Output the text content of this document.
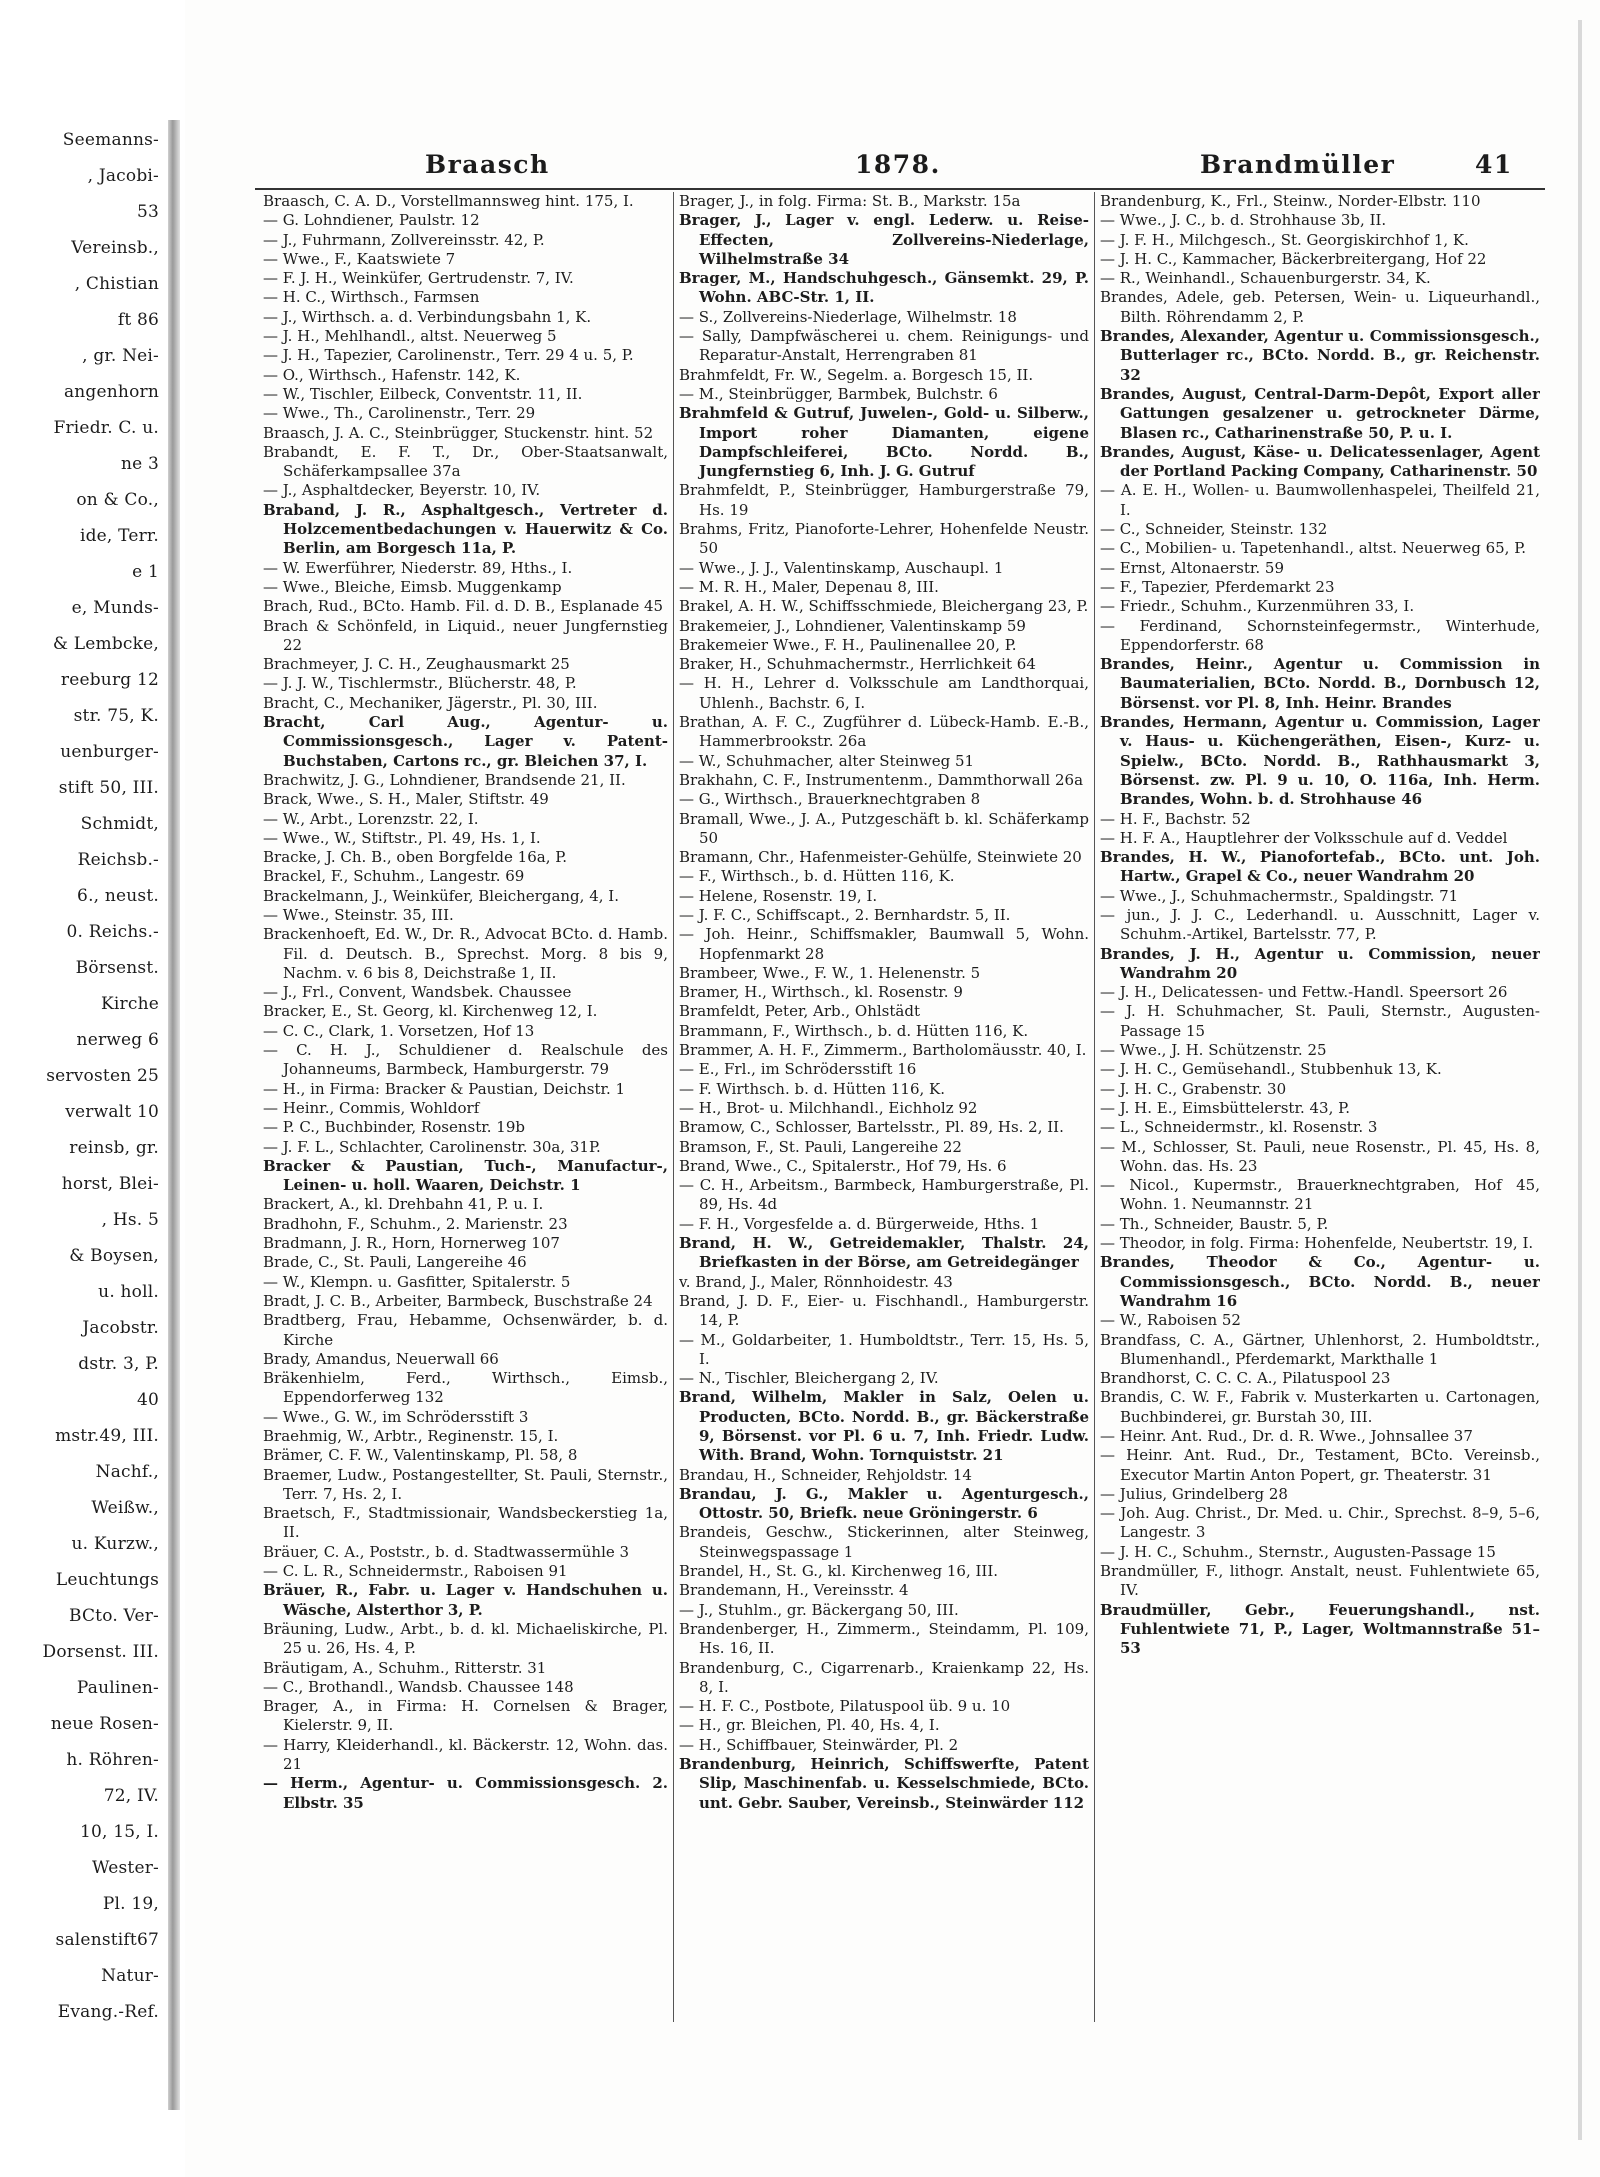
Seemanns-
, Jacobi-
53
Vereinsb.,
, Chistian
ft 86
, gr. Nei-
angenhorn
Friedr. C. u.
ne 3
on & Co.,
ide, Terr.
e 1
e, Munds-
& Lembcke,
reeburg 12
str. 75, K.
uenburger-
stift 50, III.
Schmidt,
Reichsb.-
6., neust.
0. Reichs.-
Börsenst.
Kirche
nerweg 6
servosten 25
verwalt 10
reinsb, gr.
horst, Blei-
, Hs. 5
& Boysen,
u. holl.
Jacobstr.
dstr. 3, P.
40
mstr.49, III.
Nachf.,
Weißw.,
u. Kurzw.,
Leuchtungs
BCto. Ver-
Dorsenst. III.
Paulinen-
neue Rosen-
h. Röhren-
72, IV.
10, 15, I.
Wester-
Pl. 19,
salenstift67
Natur-
Evang.-Ref.
Braasch	1878.	Brandmüller	41

Braasch, C. A. D., Vorstellmannsweg hint. 175, I.

— G. Lohndiener, Paulstr. 12

— J., Fuhrmann, Zollvereinsstr. 42, P.

— Wwe., F., Kaatswiete 7

— F. J. H., Weinküfer, Gertrudenstr. 7, IV.

— H. C., Wirthsch., Farmsen

— J., Wirthsch. a. d. Verbindungsbahn 1, K.

— J. H., Mehlhandl., altst. Neuerweg 5

— J. H., Tapezier, Carolinenstr., Terr. 29 4 u. 5, P.

— O., Wirthsch., Hafenstr. 142, K.

— W., Tischler, Eilbeck, Conventstr. 11, II.

— Wwe., Th., Carolinenstr., Terr. 29

Braasch, J. A. C., Steinbrügger, Stuckenstr. hint. 52

Brabandt, E. F. T., Dr., Ober-Staatsanwalt, Schäferkampsallee 37a

— J., Asphaltdecker, Beyerstr. 10, IV.

Braband, J. R., Asphaltgesch., Vertreter d. Holzcementbedachungen v. Hauerwitz & Co. Berlin, am Borgesch 11a, P.

— W. Ewerführer, Niederstr. 89, Hths., I.

— Wwe., Bleiche, Eimsb. Muggenkamp

Brach, Rud., BCto. Hamb. Fil. d. D. B., Esplanade 45

Brach & Schönfeld, in Liquid., neuer Jungfernstieg 22

Brachmeyer, J. C. H., Zeughausmarkt 25

— J. J. W., Tischlermstr., Blücherstr. 48, P.

Bracht, C., Mechaniker, Jägerstr., Pl. 30, III.

Bracht, Carl Aug., Agentur- u. Commissionsgesch., Lager v. Patent-Buchstaben, Cartons rc., gr. Bleichen 37, I.

Brachwitz, J. G., Lohndiener, Brandsende 21, II.

Brack, Wwe., S. H., Maler, Stiftstr. 49

— W., Arbt., Lorenzstr. 22, I.

— Wwe., W., Stiftstr., Pl. 49, Hs. 1, I.

Bracke, J. Ch. B., oben Borgfelde 16a, P.

Brackel, F., Schuhm., Langestr. 69

Brackelmann, J., Weinküfer, Bleichergang, 4, I.

— Wwe., Steinstr. 35, III.

Brackenhoeft, Ed. W., Dr. R., Advocat BCto. d. Hamb. Fil. d. Deutsch. B., Sprechst. Morg. 8 bis 9, Nachm. v. 6 bis 8, Deichstraße 1, II.

— J., Frl., Convent, Wandsbek. Chaussee

Bracker, E., St. Georg, kl. Kirchenweg 12, I.

— C. C., Clark, 1. Vorsetzen, Hof 13

— C. H. J., Schuldiener d. Realschule des Johanneums, Barmbeck, Hamburgerstr. 79

— H., in Firma: Bracker & Paustian, Deichstr. 1

— Heinr., Commis, Wohldorf

— P. C., Buchbinder, Rosenstr. 19b

— J. F. L., Schlachter, Carolinenstr. 30a, 31P.

Bracker & Paustian, Tuch-, Manufactur-, Leinen- u. holl. Waaren, Deichstr. 1

Brackert, A., kl. Drehbahn 41, P. u. I.

Bradhohn, F., Schuhm., 2. Marienstr. 23

Bradmann, J. R., Horn, Hornerweg 107

Brade, C., St. Pauli, Langereihe 46

— W., Klempn. u. Gasfitter, Spitalerstr. 5

Bradt, J. C. B., Arbeiter, Barmbeck, Buschstraße 24

Bradtberg, Frau, Hebamme, Ochsenwärder, b. d. Kirche

Brady, Amandus, Neuerwall 66

Bräkenhielm, Ferd., Wirthsch., Eimsb., Eppendorferweg 132

— Wwe., G. W., im Schrödersstift 3

Braehmig, W., Arbtr., Reginenstr. 15, I.

Brämer, C. F. W., Valentinskamp, Pl. 58, 8

Braemer, Ludw., Postangestellter, St. Pauli, Sternstr., Terr. 7, Hs. 2, I.

Braetsch, F., Stadtmissionair, Wandsbeckerstieg 1a, II.

Bräuer, C. A., Poststr., b. d. Stadtwassermühle 3

— C. L. R., Schneidermstr., Raboisen 91

Bräuer, R., Fabr. u. Lager v. Handschuhen u. Wäsche, Alsterthor 3, P.

Bräuning, Ludw., Arbt., b. d. kl. Michaeliskirche, Pl. 25 u. 26, Hs. 4, P.

Bräutigam, A., Schuhm., Ritterstr. 31

— C., Brothandl., Wandsb. Chaussee 148

Brager, A., in Firma: H. Cornelsen & Brager, Kielerstr. 9, II.

— Harry, Kleiderhandl., kl. Bäckerstr. 12, Wohn. das. 21

— Herm., Agentur- u. Commissionsgesch. 2. Elbstr. 35

Brager, J., in folg. Firma: St. B., Markstr. 15a

Brager, J., Lager v. engl. Lederw. u. Reise-Effecten, Zollvereins-Niederlage, Wilhelmstraße 34

Brager, M., Handschuhgesch., Gänsemkt. 29, P. Wohn. ABC-Str. 1, II.

— S., Zollvereins-Niederlage, Wilhelmstr. 18

— Sally, Dampfwäscherei u. chem. Reinigungs- und Reparatur-Anstalt, Herrengraben 81

Brahmfeldt, Fr. W., Segelm. a. Borgesch 15, II.

— M., Steinbrügger, Barmbek, Bulchstr. 6

Brahmfeld & Gutruf, Juwelen-, Gold- u. Silberw., Import roher Diamanten, eigene Dampfschleiferei, BCto. Nordd. B., Jungfernstieg 6, Inh. J. G. Gutruf

Brahmfeldt, P., Steinbrügger, Hamburgerstraße 79, Hs. 19

Brahms, Fritz, Pianoforte-Lehrer, Hohenfelde Neustr. 50

— Wwe., J. J., Valentinskamp, Auschaupl. 1

— M. R. H., Maler, Depenau 8, III.

Brakel, A. H. W., Schiffsschmiede, Bleichergang 23, P.

Brakemeier, J., Lohndiener, Valentinskamp 59

Brakemeier Wwe., F. H., Paulinenallee 20, P.

Braker, H., Schuhmachermstr., Herrlichkeit 64

— H. H., Lehrer d. Volksschule am Landthorquai, Uhlenh., Bachstr. 6, I.

Brathan, A. F. C., Zugführer d. Lübeck-Hamb. E.-B., Hammerbrookstr. 26a

— W., Schuhmacher, alter Steinweg 51

Brakhahn, C. F., Instrumentenm., Dammthorwall 26a

— G., Wirthsch., Brauerknechtgraben 8

Bramall, Wwe., J. A., Putzgeschäft b. kl. Schäferkamp 50

Bramann, Chr., Hafenmeister-Gehülfe, Steinwiete 20

— F., Wirthsch., b. d. Hütten 116, K.

— Helene, Rosenstr. 19, I.

— J. F. C., Schiffscapt., 2. Bernhardstr. 5, II.

— Joh. Heinr., Schiffsmakler, Baumwall 5, Wohn. Hopfenmarkt 28

Brambeer, Wwe., F. W., 1. Helenenstr. 5

Bramer, H., Wirthsch., kl. Rosenstr. 9

Bramfeldt, Peter, Arb., Ohlstädt

Brammann, F., Wirthsch., b. d. Hütten 116, K.

Brammer, A. H. F., Zimmerm., Bartholomäusstr. 40, I.

— E., Frl., im Schrödersstift 16

— F. Wirthsch. b. d. Hütten 116, K.

— H., Brot- u. Milchhandl., Eichholz 92

Bramow, C., Schlosser, Bartelsstr., Pl. 89, Hs. 2, II.

Bramson, F., St. Pauli, Langereihe 22

Brand, Wwe., C., Spitalerstr., Hof 79, Hs. 6

— C. H., Arbeitsm., Barmbeck, Hamburgerstraße, Pl. 89, Hs. 4d

— F. H., Vorgesfelde a. d. Bürgerweide, Hths. 1

Brand, H. W., Getreidemakler, Thalstr. 24, Briefkasten in der Börse, am Getreidegänger

v. Brand, J., Maler, Rönnhoidestr. 43

Brand, J. D. F., Eier- u. Fischhandl., Hamburgerstr. 14, P.

— M., Goldarbeiter, 1. Humboldtstr., Terr. 15, Hs. 5, I.

— N., Tischler, Bleichergang 2, IV.

Brand, Wilhelm, Makler in Salz, Oelen u. Producten, BCto. Nordd. B., gr. Bäckerstraße 9, Börsenst. vor Pl. 6 u. 7, Inh. Friedr. Ludw. With. Brand, Wohn. Tornquiststr. 21

Brandau, H., Schneider, Rehjoldstr. 14

Brandau, J. G., Makler u. Agenturgesch., Ottostr. 50, Briefk. neue Gröningerstr. 6

Brandeis, Geschw., Stickerinnen, alter Steinweg, Steinwegspassage 1

Brandel, H., St. G., kl. Kirchenweg 16, III.

Brandemann, H., Vereinsstr. 4

— J., Stuhlm., gr. Bäckergang 50, III.

Brandenberger, H., Zimmerm., Steindamm, Pl. 109, Hs. 16, II.

Brandenburg, C., Cigarrenarb., Kraienkamp 22, Hs. 8, I.

— H. F. C., Postbote, Pilatuspool üb. 9 u. 10

— H., gr. Bleichen, Pl. 40, Hs. 4, I.

— H., Schiffbauer, Steinwärder, Pl. 2

Brandenburg, Heinrich, Schiffswerfte, Patent Slip, Maschinenfab. u. Kesselschmiede, BCto. unt. Gebr. Sauber, Vereinsb., Steinwärder 112

Brandenburg, K., Frl., Steinw., Norder-Elbstr. 110

— Wwe., J. C., b. d. Strohhause 3b, II.

— J. F. H., Milchgesch., St. Georgiskirchhof 1, K.

— J. H. C., Kammacher, Bäckerbreitergang, Hof 22

— R., Weinhandl., Schauenburgerstr. 34, K.

Brandes, Adele, geb. Petersen, Wein- u. Liqueurhandl., Bilth. Röhrendamm 2, P.

Brandes, Alexander, Agentur u. Commissionsgesch., Butterlager rc., BCto. Nordd. B., gr. Reichenstr. 32

Brandes, August, Central-Darm-Depôt, Export aller Gattungen gesalzener u. getrockneter Därme, Blasen rc., Catharinenstraße 50, P. u. I.

Brandes, August, Käse- u. Delicatessenlager, Agent der Portland Packing Company, Catharinenstr. 50

— A. E. H., Wollen- u. Baumwollenhaspelei, Theilfeld 21, I.

— C., Schneider, Steinstr. 132

— C., Mobilien- u. Tapetenhandl., altst. Neuerweg 65, P.

— Ernst, Altonaerstr. 59

— F., Tapezier, Pferdemarkt 23

— Friedr., Schuhm., Kurzenmühren 33, I.

— Ferdinand, Schornsteinfegermstr., Winterhude, Eppendorferstr. 68

Brandes, Heinr., Agentur u. Commission in Baumaterialien, BCto. Nordd. B., Dornbusch 12, Börsenst. vor Pl. 8, Inh. Heinr. Brandes

Brandes, Hermann, Agentur u. Commission, Lager v. Haus- u. Küchengeräthen, Eisen-, Kurz- u. Spielw., BCto. Nordd. B., Rathhausmarkt 3, Börsenst. zw. Pl. 9 u. 10, O. 116a, Inh. Herm. Brandes, Wohn. b. d. Strohhause 46

— H. F., Bachstr. 52

— H. F. A., Hauptlehrer der Volksschule auf d. Veddel

Brandes, H. W., Pianofortefab., BCto. unt. Joh. Hartw., Grapel & Co., neuer Wandrahm 20

— Wwe., J., Schuhmachermstr., Spaldingstr. 71

— jun., J. J. C., Lederhandl. u. Ausschnitt, Lager v. Schuhm.-Artikel, Bartelsstr. 77, P.

Brandes, J. H., Agentur u. Commission, neuer Wandrahm 20

— J. H., Delicatessen- und Fettw.-Handl. Speersort 26

— J. H. Schuhmacher, St. Pauli, Sternstr., Augusten-Passage 15

— Wwe., J. H. Schützenstr. 25

— J. H. C., Gemüsehandl., Stubbenhuk 13, K.

— J. H. C., Grabenstr. 30

— J. H. E., Eimsbüttelerstr. 43, P.

— L., Schneidermstr., kl. Rosenstr. 3

— M., Schlosser, St. Pauli, neue Rosenstr., Pl. 45, Hs. 8, Wohn. das. Hs. 23

— Nicol., Kupermstr., Brauerknechtgraben, Hof 45, Wohn. 1. Neumannstr. 21

— Th., Schneider, Baustr. 5, P.

— Theodor, in folg. Firma: Hohenfelde, Neubertstr. 19, I.

Brandes, Theodor & Co., Agentur- u. Commissionsgesch., BCto. Nordd. B., neuer Wandrahm 16

— W., Raboisen 52

Brandfass, C. A., Gärtner, Uhlenhorst, 2. Humboldtstr., Blumenhandl., Pferdemarkt, Markthalle 1

Brandhorst, C. C. C. A., Pilatuspool 23

Brandis, C. W. F., Fabrik v. Musterkarten u. Cartonagen, Buchbinderei, gr. Burstah 30, III.

— Heinr. Ant. Rud., Dr. d. R. Wwe., Johnsallee 37

— Heinr. Ant. Rud., Dr., Testament, BCto. Vereinsb., Executor Martin Anton Popert, gr. Theaterstr. 31

— Julius, Grindelberg 28

— Joh. Aug. Christ., Dr. Med. u. Chir., Sprechst. 8–9, 5–6, Langestr. 3

— J. H. C., Schuhm., Sternstr., Augusten-Passage 15

Brandmüller, F., lithogr. Anstalt, neust. Fuhlentwiete 65, IV.

Braudmüller, Gebr., Feuerungshandl., nst. Fuhlentwiete 71, P., Lager, Woltmannstraße 51–53
